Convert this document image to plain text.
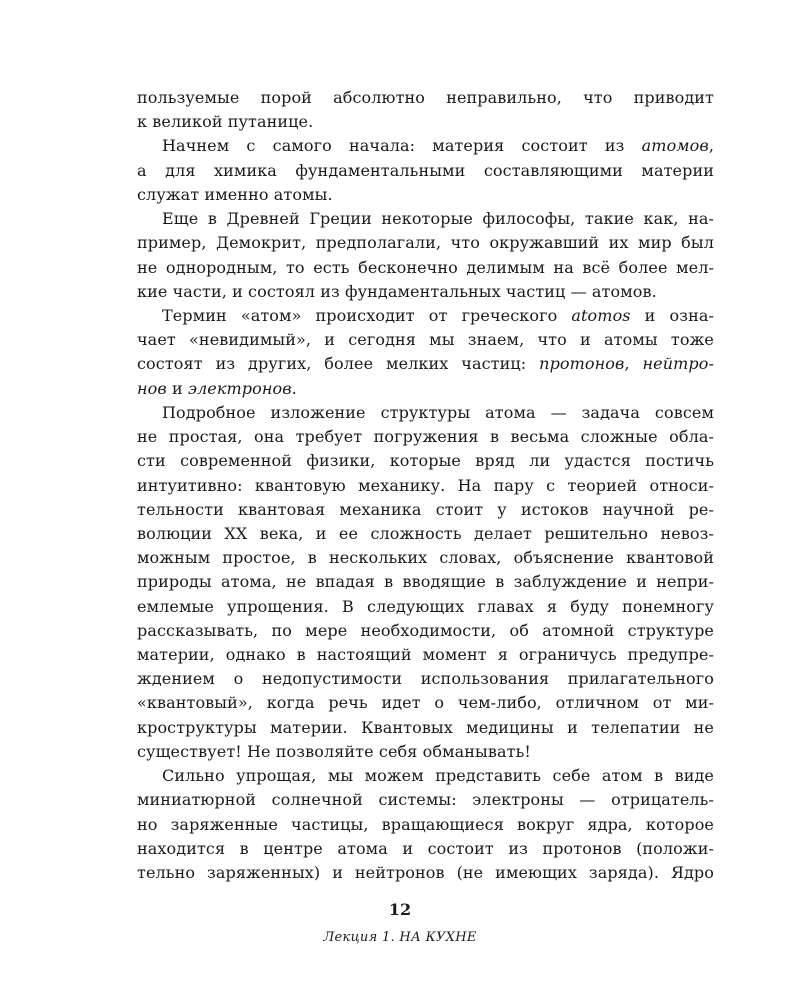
пользуемые порой абсолютно неправильно, что приводит
к великой путанице.
Начнем с самого начала: материя состоит из атомов,
а для химика фундаментальными составляющими материи
служат именно атомы.
Еще в Древней Греции некоторые философы, такие как, на-
пример, Демокрит, предполагали, что окружавший их мир был
не однородным, то есть бесконечно делимым на всё более мел-
кие части, и состоял из фундаментальных частиц — атомов.
Термин «атом» происходит от греческого atomos и озна-
чает «невидимый», и сегодня мы знаем, что и атомы тоже
состоят из других, более мелких частиц: протонов, нейтро-
нов и электронов.
Подробное изложение структуры атома — задача совсем
не простая, она требует погружения в весьма сложные обла-
сти современной физики, которые вряд ли удастся постичь
интуитивно: квантовую механику. На пару с теорией относи-
тельности квантовая механика стоит у истоков научной ре-
волюции XX века, и ее сложность делает решительно невоз-
можным простое, в нескольких словах, объяснение квантовой
природы атома, не впадая в вводящие в заблуждение и непри-
емлемые упрощения. В следующих главах я буду понемногу
рассказывать, по мере необходимости, об атомной структуре
материи, однако в настоящий момент я ограничусь предупре-
ждением о недопустимости использования прилагательного
«квантовый», когда речь идет о чем-либо, отличном от ми-
кроструктуры материи. Квантовых медицины и телепатии не
существует! Не позволяйте себя обманывать!
Сильно упрощая, мы можем представить себе атом в виде
миниатюрной солнечной системы: электроны — отрицатель-
но заряженные частицы, вращающиеся вокруг ядра, которое
находится в центре атома и состоит из протонов (положи-
тельно заряженных) и нейтронов (не имеющих заряда). Ядро
12
Лекция 1. НА КУХНЕ
